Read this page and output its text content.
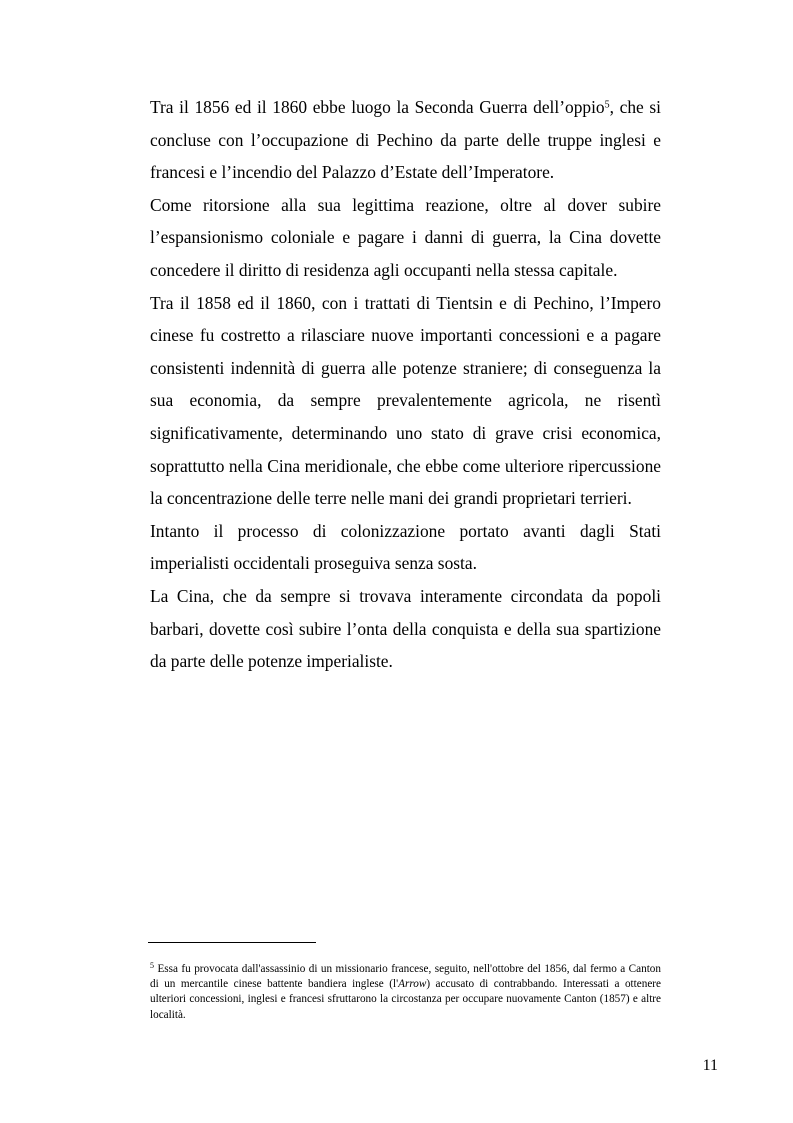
Tra il 1856 ed il 1860 ebbe luogo la Seconda Guerra dell’oppio$^5$, che si concluse con l’occupazione di Pechino da parte delle truppe inglesi e francesi e l’incendio del Palazzo d’Estate dell’Imperatore.

Come ritorsione alla sua legittima reazione, oltre al dover subire l’espansionismo coloniale e pagare i danni di guerra, la Cina dovette concedere il diritto di residenza agli occupanti nella stessa capitale.

Tra il 1858 ed il 1860, con i trattati di Tientsin e di Pechino, l’Impero cinese fu costretto a rilasciare nuove importanti concessioni e a pagare consistenti indennità di guerra alle potenze straniere; di conseguenza la sua economia, da sempre prevalentemente agricola, ne risentì significativamente, determinando uno stato di grave crisi economica, soprattutto nella Cina meridionale, che ebbe come ulteriore ripercussione la concentrazione delle terre nelle mani dei grandi proprietari terrieri.

Intanto il processo di colonizzazione portato avanti dagli Stati imperialisti occidentali proseguiva senza sosta.

La Cina, che da sempre si trovava interamente circondata da popoli barbari, dovette così subire l’onta della conquista e della sua spartizione da parte delle potenze imperialiste.

$^5$ Essa fu provocata dall'assassinio di un missionario francese, seguito, nell'ottobre del 1856, dal fermo a Canton di un mercantile cinese battente bandiera inglese (l'Arrow) accusato di contrabbando. Interessati a ottenere ulteriori concessioni, inglesi e francesi sfruttarono la circostanza per occupare nuovamente Canton (1857) e altre località.

11
